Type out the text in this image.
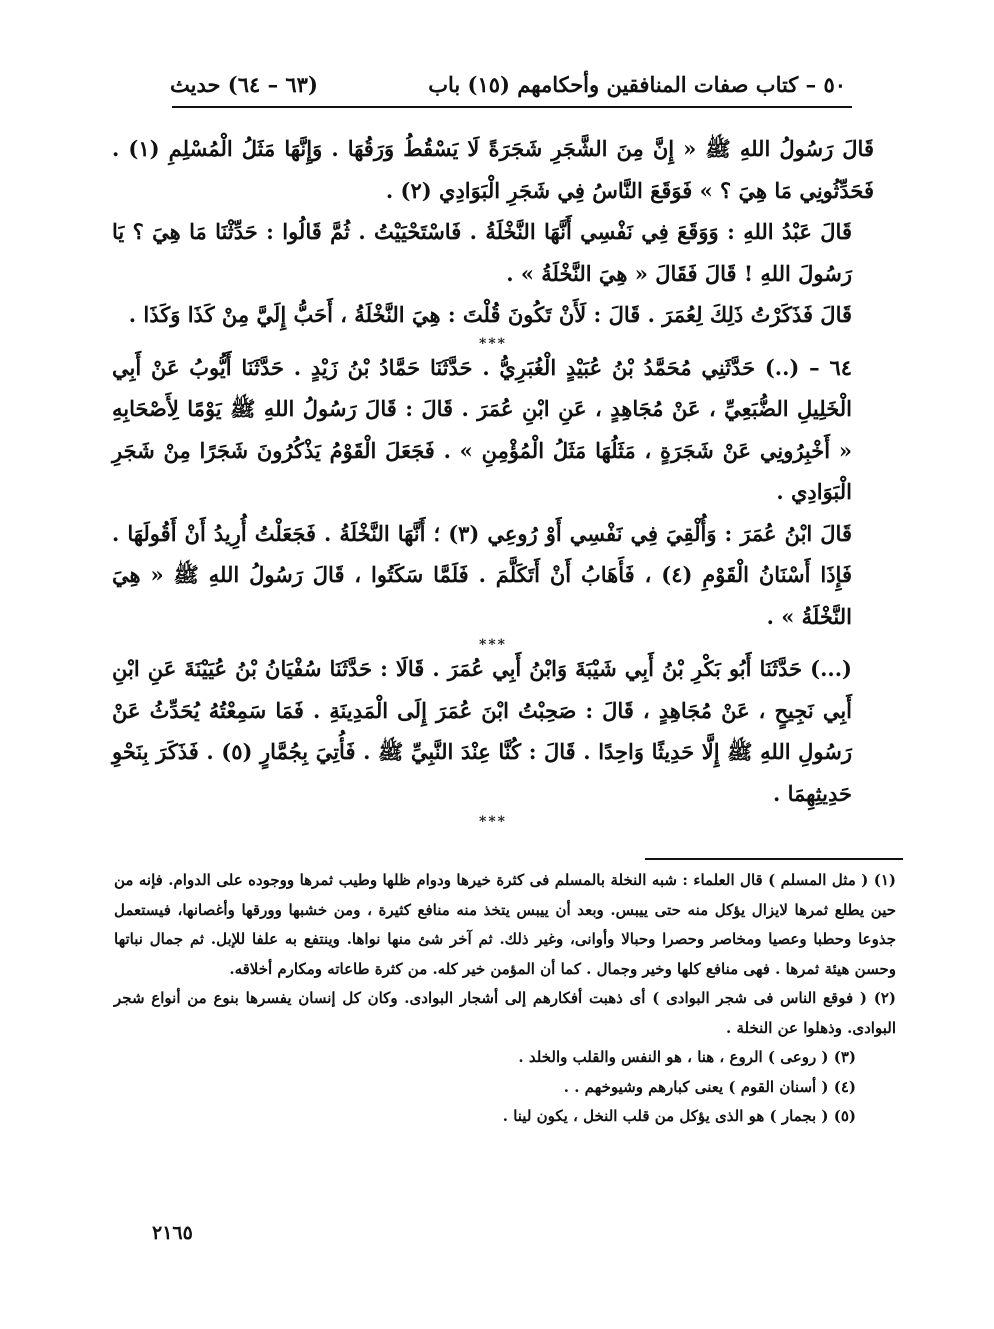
٥٠ – كتاب صفات المنافقين وأحكامهم (١٥) باب
(٦٣ – ٦٤) حديث

قَالَ رَسُولُ اللهِ ﷺ « إِنَّ مِنَ الشَّجَرِ شَجَرَةً لَا يَسْقُطُ وَرَقُهَا . وَإِنَّهَا مَثَلُ الْمُسْلِمِ (١) . فَحَدِّثُونِي مَا هِيَ ؟ » فَوَقَعَ النَّاسُ فِي شَجَرِ الْبَوَادِي (٢) .

قَالَ عَبْدُ اللهِ : وَوَقَعَ فِي نَفْسِي أَنَّهَا النَّخْلَةُ . فَاسْتَحْيَيْتُ . ثُمَّ قَالُوا : حَدِّثْنَا مَا هِيَ ؟ يَا رَسُولَ اللهِ ! قَالَ فَقَالَ « هِيَ النَّخْلَةُ » .

قَالَ فَذَكَرْتُ ذَلِكَ لِعُمَرَ . قَالَ : لَأَنْ تَكُونَ قُلْتَ : هِيَ النَّخْلَةُ ، أَحَبُّ إِلَيَّ مِنْ كَذَا وَكَذَا .

***

٦٤ – (..) حَدَّثَنِي مُحَمَّدُ بْنُ عُبَيْدٍ الْغُبَرِيُّ . حَدَّثَنَا حَمَّادُ بْنُ زَيْدٍ . حَدَّثَنَا أَيُّوبُ عَنْ أَبِي الْخَلِيلِ الضُّبَعِيِّ ، عَنْ مُجَاهِدٍ ، عَنِ ابْنِ عُمَرَ . قَالَ : قَالَ رَسُولُ اللهِ ﷺ يَوْمًا لِأَصْحَابِهِ « أَخْبِرُونِي عَنْ شَجَرَةٍ ، مَثَلُهَا مَثَلُ الْمُؤْمِنِ » . فَجَعَلَ الْقَوْمُ يَذْكُرُونَ شَجَرًا مِنْ شَجَرِ الْبَوَادِي .

قَالَ ابْنُ عُمَرَ : وَأُلْقِيَ فِي نَفْسِي أَوْ رُوعِي (٣) ؛ أَنَّهَا النَّخْلَةُ . فَجَعَلْتُ أُرِيدُ أَنْ أَقُولَهَا . فَإِذَا أَسْنَانُ الْقَوْمِ (٤) ، فَأَهَابُ أَنْ أَتَكَلَّمَ . فَلَمَّا سَكَتُوا ، قَالَ رَسُولُ اللهِ ﷺ « هِيَ النَّخْلَةُ » .

***

(...) حَدَّثَنَا أَبُو بَكْرِ بْنُ أَبِي شَيْبَةَ وَابْنُ أَبِي عُمَرَ . قَالَا : حَدَّثَنَا سُفْيَانُ بْنُ عُيَيْنَةَ عَنِ ابْنِ أَبِي نَجِيحٍ ، عَنْ مُجَاهِدٍ ، قَالَ : صَحِبْتُ ابْنَ عُمَرَ إِلَى الْمَدِينَةِ . فَمَا سَمِعْتُهُ يُحَدِّثُ عَنْ رَسُولِ اللهِ ﷺ إِلَّا حَدِيثًا وَاحِدًا . قَالَ : كُنَّا عِنْدَ النَّبِيِّ ﷺ . فَأُتِيَ بِجُمَّارٍ (٥) . فَذَكَرَ بِنَحْوِ حَدِيثِهِمَا .

***

(١) ( مثل المسلم ) قال العلماء : شبه النخلة بالمسلم فى كثرة خيرها ودوام ظلها وطيب ثمرها ووجوده على الدوام. فإنه من حين يطلع ثمرها لايزال يؤكل منه حتى ييبس. وبعد أن ييبس يتخذ منه منافع كثيرة ، ومن خشبها وورقها وأغصانها، فيستعمل جذوعا وحطبا وعصيا ومخاصر وحصرا وحبالا وأوانى، وغير ذلك. ثم آخر شئ منها نواها. وينتفع به علفا للإبل. ثم جمال نباتها وحسن هيئة ثمرها . فهى منافع كلها وخير وجمال . كما أن المؤمن خير كله. من كثرة طاعاته ومكارم أخلاقه.

(٢) ( فوقع الناس فى شجر البوادى ) أى ذهبت أفكارهم إلى أشجار البوادى. وكان كل إنسان يفسرها بنوع من أنواع شجر البوادى. وذهلوا عن النخلة .

(٣) ( روعى ) الروع ، هنا ، هو النفس والقلب والخلد .

(٤) ( أسنان القوم ) يعنى كبارهم وشيوخهم . .

(٥) ( بجمار ) هو الذى يؤكل من قلب النخل ، يكون لينا .

٢١٦٥
